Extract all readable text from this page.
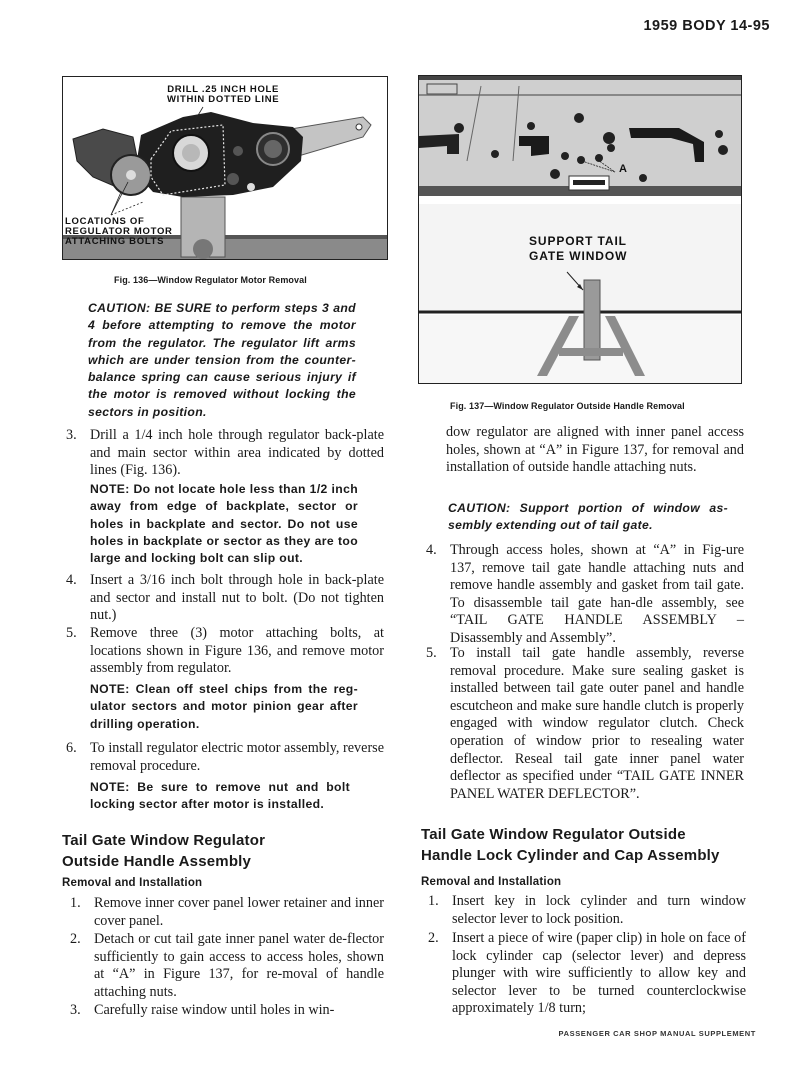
1959 BODY 14-95
DRILL .25 INCH HOLE
WITHIN DOTTED LINE
LOCATIONS OF
REGULATOR MOTOR
ATTACHING BOLTS
Fig. 136—Window Regulator Motor Removal
CAUTION: BE SURE to perform steps 3 and 4 before attempting to remove the motor from the regulator. The regulator lift arms which are under tension from the counter-balance spring can cause serious injury if the motor is removed without locking the sectors in position.
3. Drill a 1/4 inch hole through regulator back-plate and main sector within area indicated by dotted lines (Fig. 136).
NOTE: Do not locate hole less than 1/2 inch away from edge of backplate, sector or holes in backplate and sector. Do not use holes in backplate or sector as they are too large and locking bolt can slip out.
4. Insert a 3/16 inch bolt through hole in back-plate and sector and install nut to bolt. (Do not tighten nut.)
5. Remove three (3) motor attaching bolts, at locations shown in Figure 136, and remove motor assembly from regulator.
NOTE: Clean off steel chips from the reg-ulator sectors and motor pinion gear after drilling operation.
6. To install regulator electric motor assembly, reverse removal procedure.
NOTE: Be sure to remove nut and bolt locking sector after motor is installed.
Tail Gate Window Regulator
Outside Handle Assembly
Removal and Installation
1. Remove inner cover panel lower retainer and inner cover panel.
2. Detach or cut tail gate inner panel water de-flector sufficiently to gain access to access holes, shown at “A” in Figure 137, for re-moval of handle attaching nuts.
3. Carefully raise window until holes in win-
A
SUPPORT TAIL
GATE WINDOW
Fig. 137—Window Regulator Outside Handle Removal
dow regulator are aligned with inner panel access holes, shown at “A” in Figure 137, for removal and installation of outside handle attaching nuts.
CAUTION: Support portion of window as-sembly extending out of tail gate.
4. Through access holes, shown at “A” in Fig-ure 137, remove tail gate handle attaching nuts and remove handle assembly and gasket from tail gate. To disassemble tail gate han-dle assembly, see “TAIL GATE HANDLE ASSEMBLY – Disassembly and Assembly”.
5. To install tail gate handle assembly, reverse removal procedure. Make sure sealing gasket is installed between tail gate outer panel and handle escutcheon and make sure handle clutch is properly engaged with window regulator clutch. Check operation of window prior to resealing water deflector. Reseal tail gate inner panel water deflector as specified under “TAIL GATE INNER PANEL WATER DEFLECTOR”.
Tail Gate Window Regulator Outside
Handle Lock Cylinder and Cap Assembly
Removal and Installation
1. Insert key in lock cylinder and turn window selector lever to lock position.
2. Insert a piece of wire (paper clip) in hole on face of lock cylinder cap (selector lever) and depress plunger with wire sufficiently to allow key and selector lever to be turned counterclockwise approximately 1/8 turn;
PASSENGER CAR SHOP MANUAL SUPPLEMENT
